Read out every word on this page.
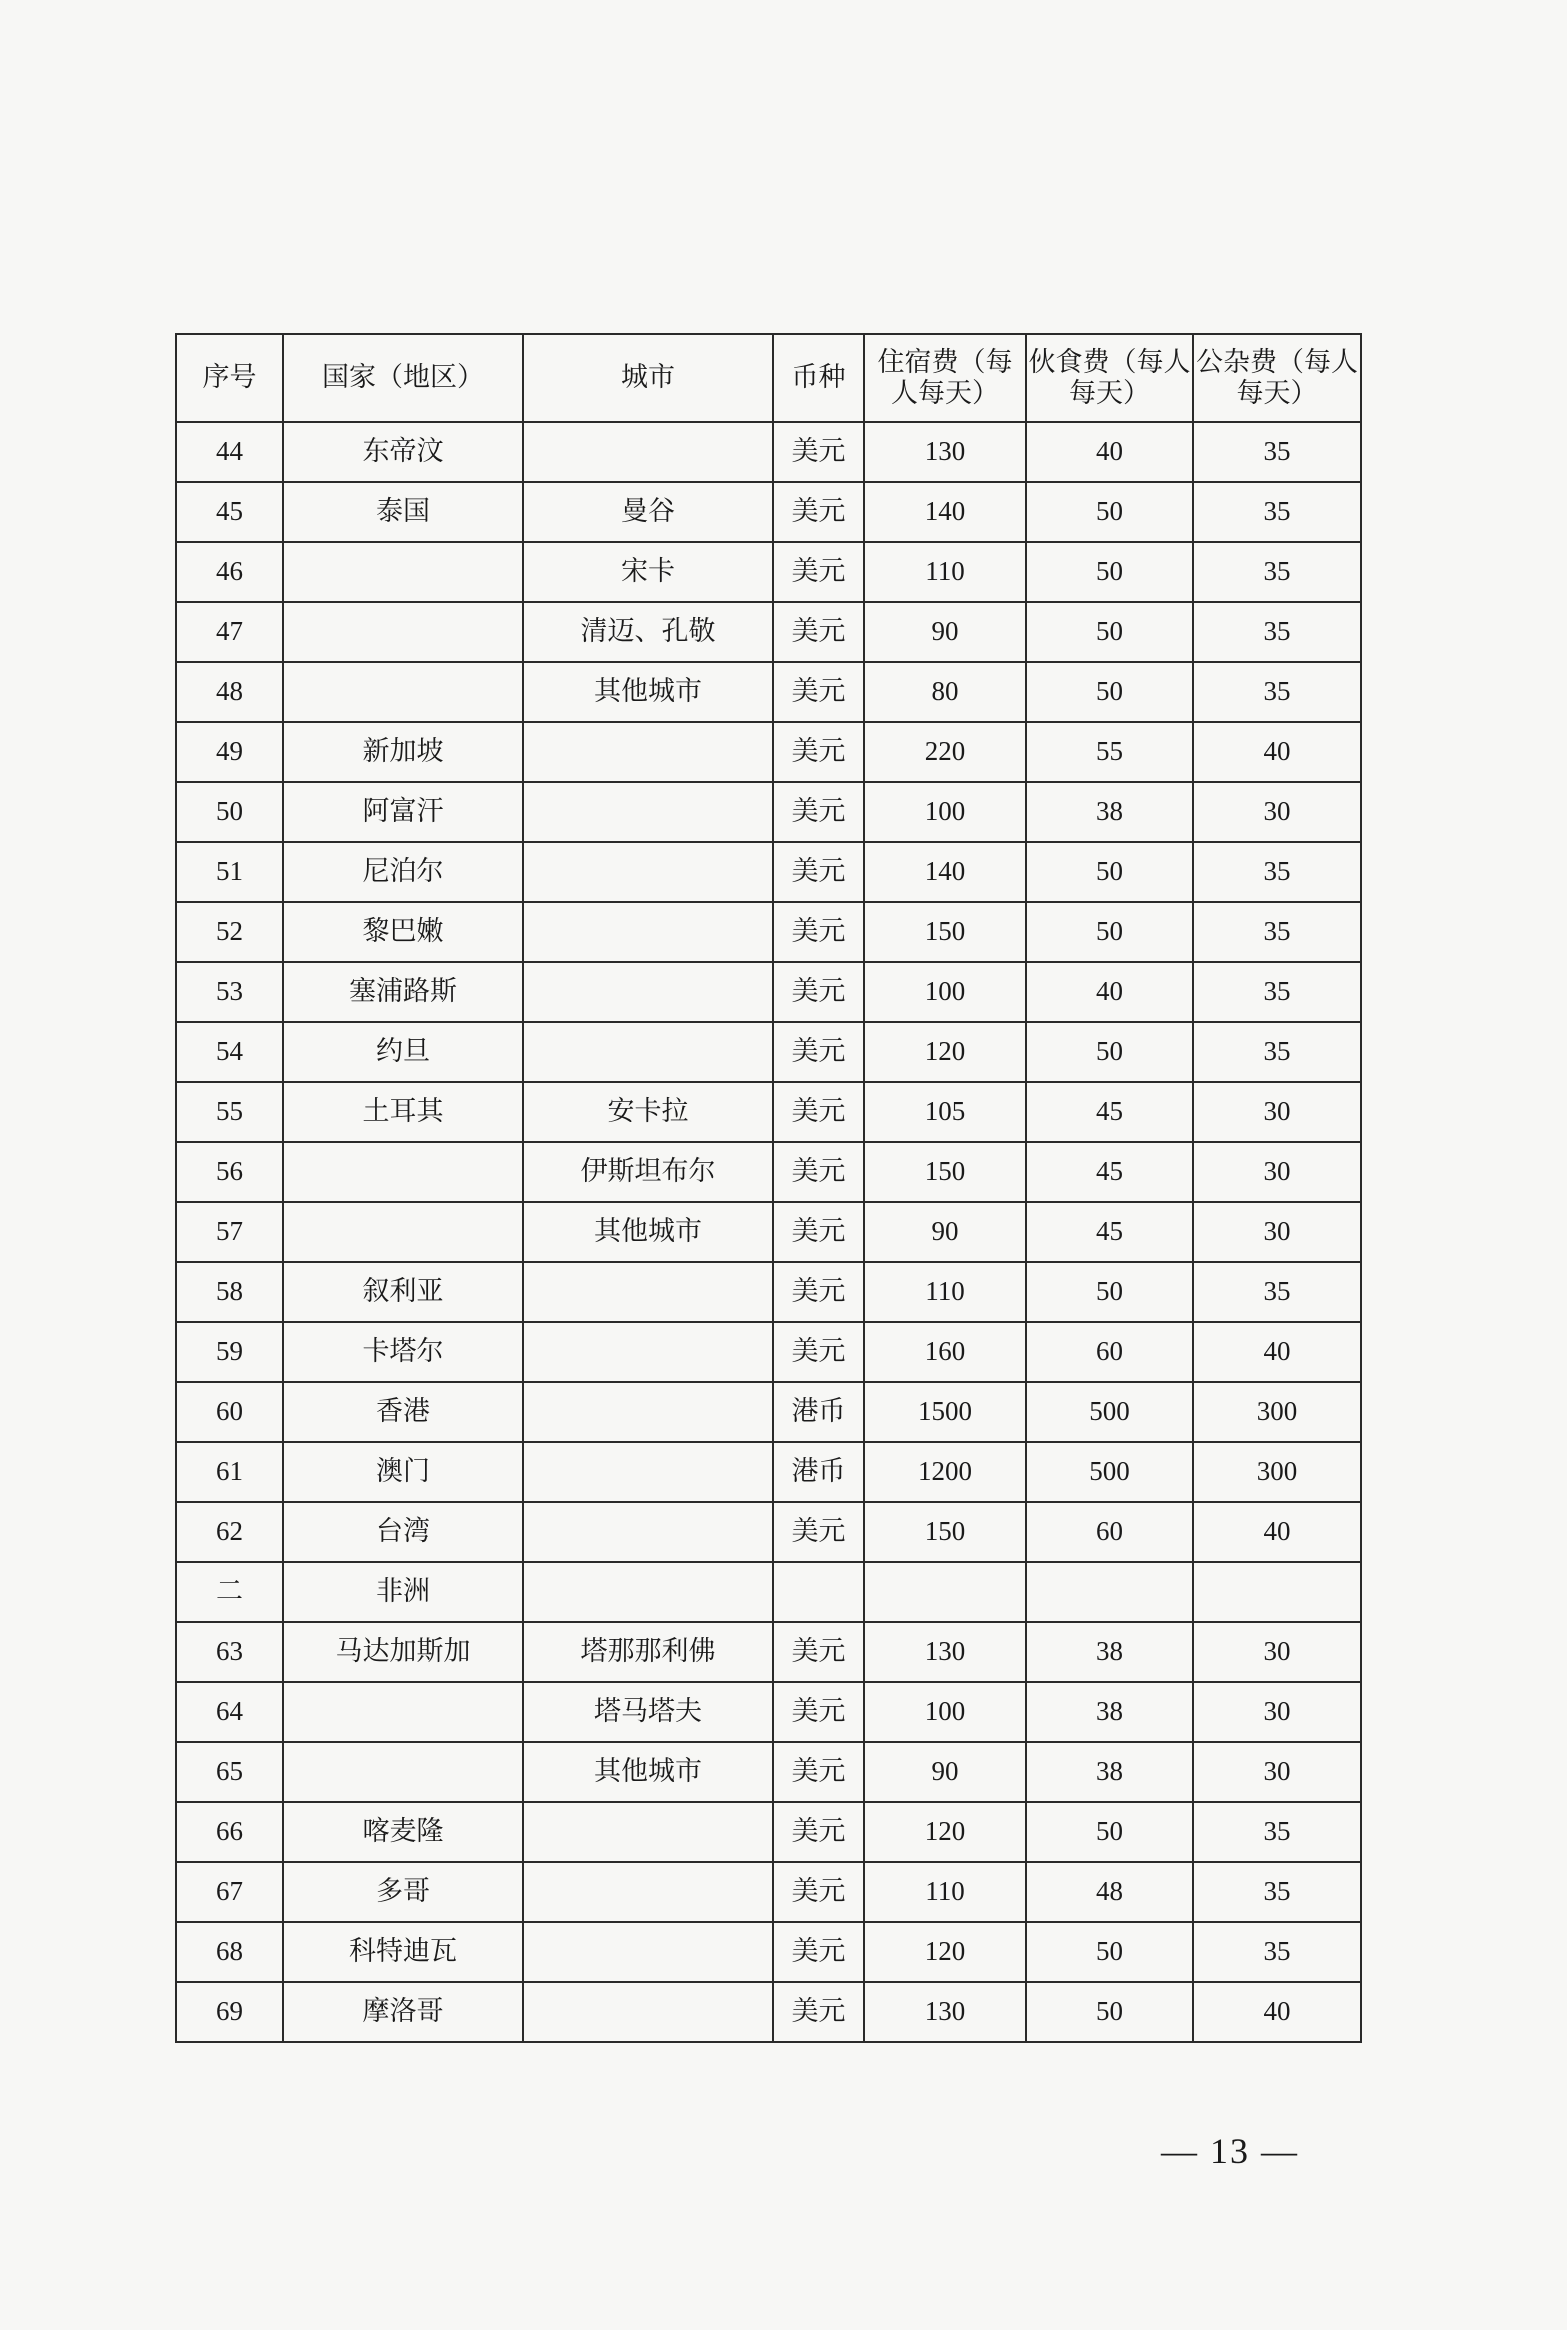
序号	国家（地区）	城市	币种	住宿费（每人每天）	伙食费（每人每天）	公杂费（每人每天）
44	东帝汶		美元	130	40	35
45	泰国	曼谷	美元	140	50	35
46		宋卡	美元	110	50	35
47		清迈、孔敬	美元	90	50	35
48		其他城市	美元	80	50	35
49	新加坡		美元	220	55	40
50	阿富汗		美元	100	38	30
51	尼泊尔		美元	140	50	35
52	黎巴嫩		美元	150	50	35
53	塞浦路斯		美元	100	40	35
54	约旦		美元	120	50	35
55	土耳其	安卡拉	美元	105	45	30
56		伊斯坦布尔	美元	150	45	30
57		其他城市	美元	90	45	30
58	叙利亚		美元	110	50	35
59	卡塔尔		美元	160	60	40
60	香港		港币	1500	500	300
61	澳门		港币	1200	500	300
62	台湾		美元	150	60	40
二	非洲					
63	马达加斯加	塔那那利佛	美元	130	38	30
64		塔马塔夫	美元	100	38	30
65		其他城市	美元	90	38	30
66	喀麦隆		美元	120	50	35
67	多哥		美元	110	48	35
68	科特迪瓦		美元	120	50	35
69	摩洛哥		美元	130	50	40
— 13 —
